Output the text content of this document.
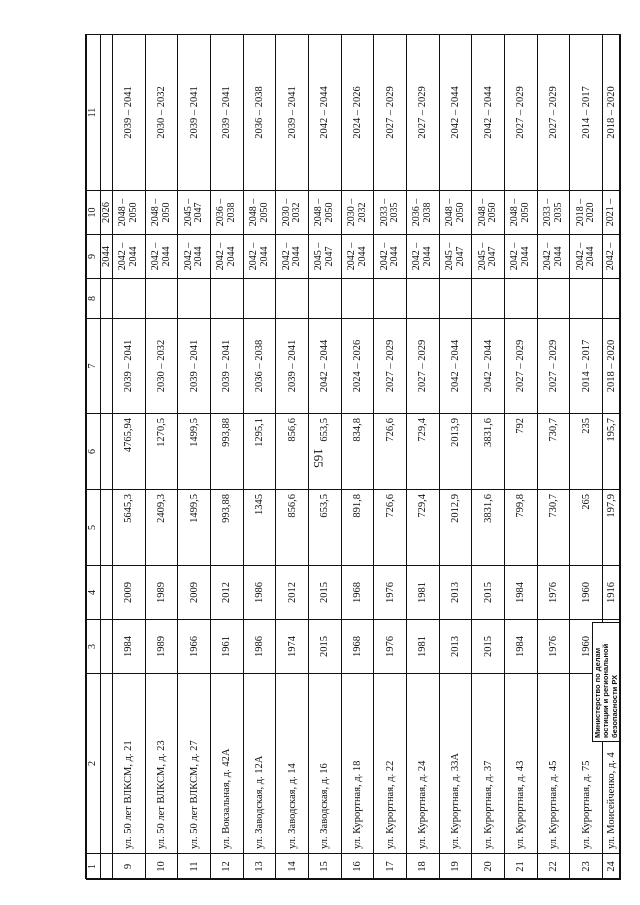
165
1	2	3	4	5	6	7	8	9	10	11
								2044	2026	
9	ул. 50 лет ВЛКСМ, д. 21	1984	2009	5645,3	4765,94	2039 – 2041		2042 – 2044	2048 – 2050	2039 – 2041
10	ул. 50 лет ВЛКСМ, д. 23	1989	1989	2409,3	1270,5	2030 – 2032		2042 – 2044	2048 – 2050	2030 – 2032
11	ул. 50 лет ВЛКСМ, д. 27	1966	2009	1499,5	1499,5	2039 – 2041		2042 – 2044	2045 – 2047	2039 – 2041
12	ул. Вокзальная, д. 42А	1961	2012	993,88	993,88	2039 – 2041		2042 – 2044	2036 – 2038	2039 – 2041
13	ул. Заводская, д. 12А	1986	1986	1345	1295,1	2036 – 2038		2042 – 2044	2048 – 2050	2036 – 2038
14	ул. Заводская, д. 14	1974	2012	856,6	856,6	2039 – 2041		2042 – 2044	2030 – 2032	2039 – 2041
15	ул. Заводская, д. 16	2015	2015	653,5	653,5	2042 – 2044		2045 – 2047	2048 – 2050	2042 – 2044
16	ул. Курортная, д. 18	1968	1968	891,8	834,8	2024 – 2026		2042 – 2044	2030 – 2032	2024 – 2026
17	ул. Курортная, д. 22	1976	1976	726,6	726,6	2027 – 2029		2042 – 2044	2033 – 2035	2027 – 2029
18	ул. Курортная, д. 24	1981	1981	729,4	729,4	2027 – 2029		2042 – 2044	2036 – 2038	2027 – 2029
19	ул. Курортная, д. 33А	2013	2013	2012,9	2013,9	2042 – 2044		2045 – 2047	2048 – 2050	2042 – 2044
20	ул. Курортная, д. 37	2015	2015	3831,6	3831,6	2042 – 2044		2045 – 2047	2048 – 2050	2042 – 2044
21	ул. Курортная, д. 43	1984	1984	799,8	792	2027 – 2029		2042 – 2044	2048 – 2050	2027 – 2029
22	ул. Курортная, д. 45	1976	1976	730,7	730,7	2027 – 2029		2042 – 2044	2033 – 2035	2027 – 2029
23	ул. Курортная, д. 75	1960	1960	265	235	2014 – 2017		2042 – 2044	2018 – 2020	2014 – 2017
24	ул. Моисейченко, д. 4		1916	197,9	195,7	2018 – 2020		2042 –	2021 –	2018 – 2020
Министерство по делам юстиции и региональной безопасности РХ
